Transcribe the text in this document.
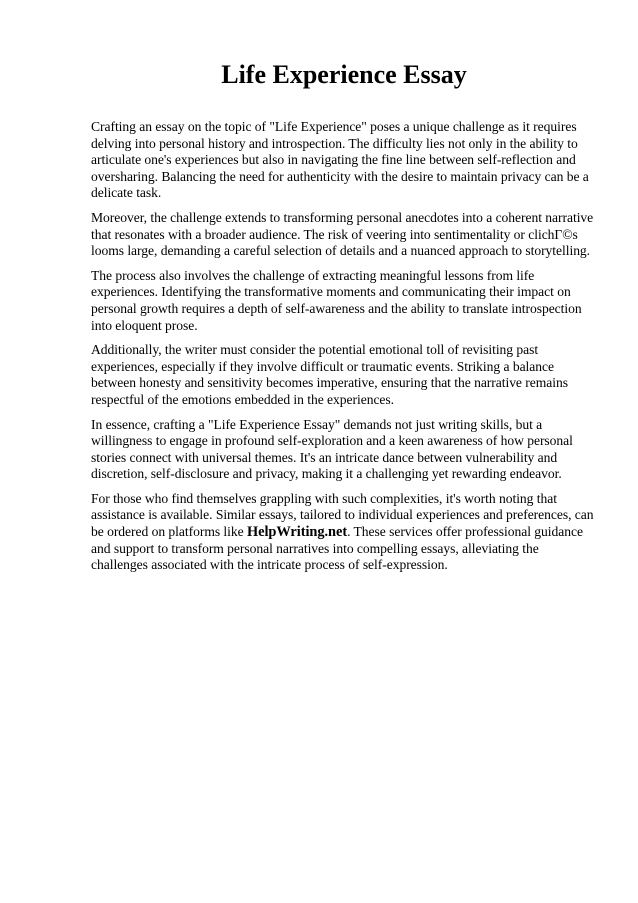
Life Experience Essay

Crafting an essay on the topic of "Life Experience" poses a unique challenge as it requires delving into personal history and introspection. The difficulty lies not only in the ability to articulate one's experiences but also in navigating the fine line between self-reflection and oversharing. Balancing the need for authenticity with the desire to maintain privacy can be a delicate task.

Moreover, the challenge extends to transforming personal anecdotes into a coherent narrative that resonates with a broader audience. The risk of veering into sentimentality or clichΓ©s looms large, demanding a careful selection of details and a nuanced approach to storytelling.

The process also involves the challenge of extracting meaningful lessons from life experiences. Identifying the transformative moments and communicating their impact on personal growth requires a depth of self-awareness and the ability to translate introspection into eloquent prose.

Additionally, the writer must consider the potential emotional toll of revisiting past experiences, especially if they involve difficult or traumatic events. Striking a balance between honesty and sensitivity becomes imperative, ensuring that the narrative remains respectful of the emotions embedded in the experiences.

In essence, crafting a "Life Experience Essay" demands not just writing skills, but a willingness to engage in profound self-exploration and a keen awareness of how personal stories connect with universal themes. It's an intricate dance between vulnerability and discretion, self-disclosure and privacy, making it a challenging yet rewarding endeavor.

For those who find themselves grappling with such complexities, it's worth noting that assistance is available. Similar essays, tailored to individual experiences and preferences, can be ordered on platforms like HelpWriting.net. These services offer professional guidance and support to transform personal narratives into compelling essays, alleviating the challenges associated with the intricate process of self-expression.
